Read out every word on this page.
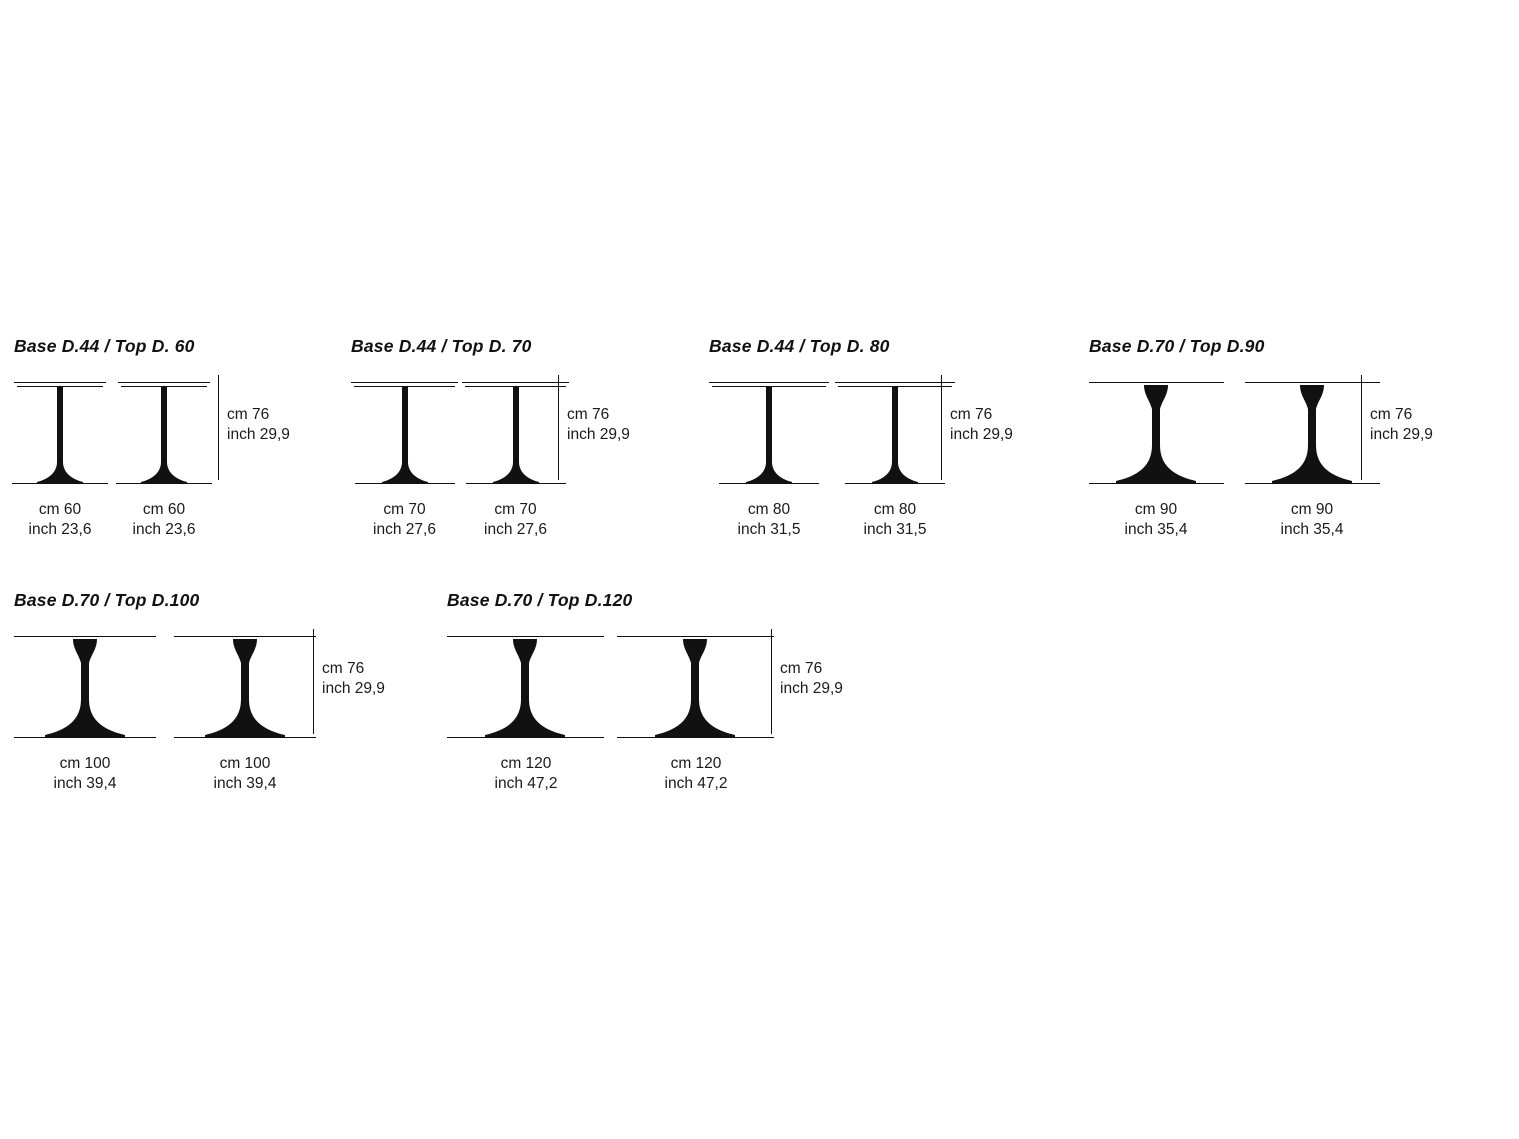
Base D.44 / Top D. 60
cm 60
inch 23,6
cm 60
inch 23,6
cm 76
inch 29,9
Base D.44 / Top D. 70
cm 70
inch 27,6
cm 70
inch 27,6
cm 76
inch 29,9
Base D.44 / Top D. 80
cm 80
inch 31,5
cm 80
inch 31,5
cm 76
inch 29,9
Base D.70 / Top D.90
cm 90
inch 35,4
cm 90
inch 35,4
cm 76
inch 29,9
Base D.70 / Top D.100
cm 100
inch 39,4
cm 100
inch 39,4
cm 76
inch 29,9
Base D.70 / Top D.120
cm 120
inch 47,2
cm 120
inch 47,2
cm 76
inch 29,9
